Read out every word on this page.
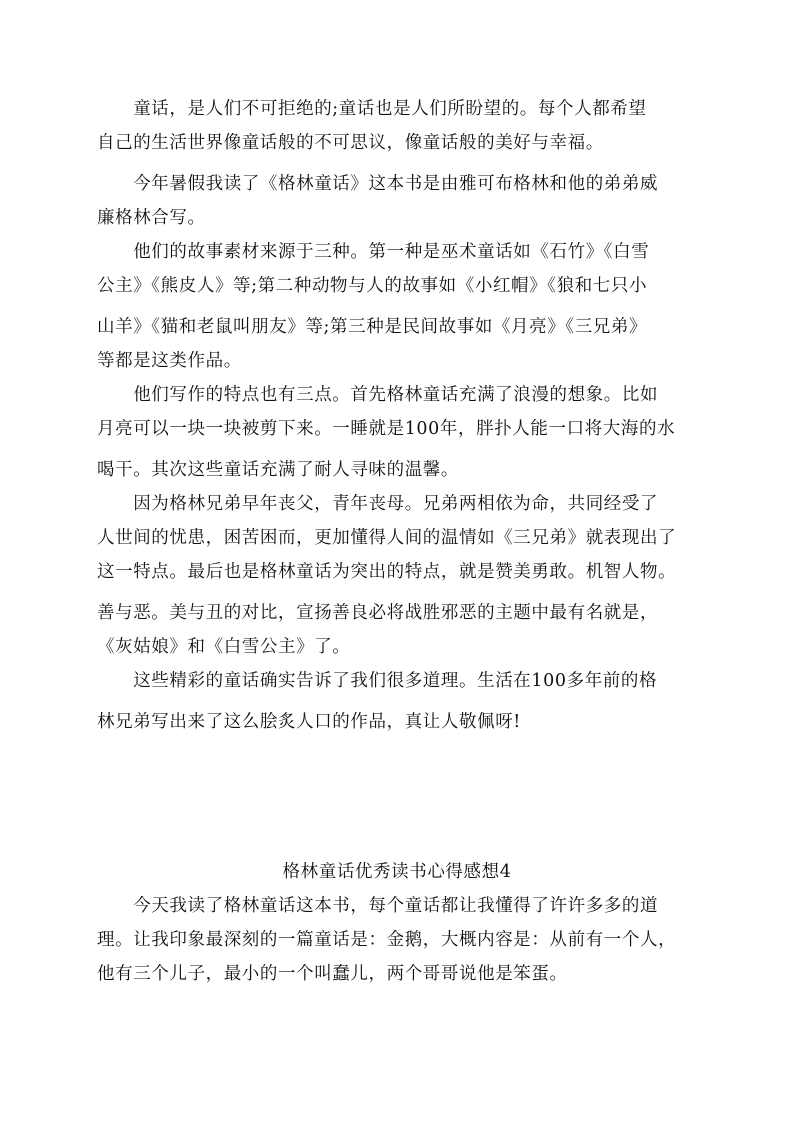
　　童话，是人们不可拒绝的;童话也是人们所盼望的。每个人都希望
自己的生活世界像童话般的不可思议，像童话般的美好与幸福。
　　今年暑假我读了《格林童话》这本书是由雅可布格林和他的弟弟威
廉格林合写。
　　他们的故事素材来源于三种。第一种是巫术童话如《石竹》《白雪
公主》《熊皮人》等;第二种动物与人的故事如《小红帽》《狼和七只小
山羊》《猫和老鼠叫朋友》等;第三种是民间故事如《月亮》《三兄弟》
等都是这类作品。
　　他们写作的特点也有三点。首先格林童话充满了浪漫的想象。比如
月亮可以一块一块被剪下来。一睡就是100年，胖扑人能一口将大海的水
喝干。其次这些童话充满了耐人寻味的温馨。
　　因为格林兄弟早年丧父，青年丧母。兄弟两相依为命，共同经受了
人世间的忧患，困苦困而，更加懂得人间的温情如《三兄弟》就表现出了
这一特点。最后也是格林童话为突出的特点，就是赞美勇敢。机智人物。
善与恶。美与丑的对比，宣扬善良必将战胜邪恶的主题中最有名就是，
《灰姑娘》和《白雪公主》了。
　　这些精彩的童话确实告诉了我们很多道理。生活在100多年前的格
林兄弟写出来了这么脍炙人口的作品，真让人敬佩呀!
格林童话优秀读书心得感想4
　　今天我读了格林童话这本书，每个童话都让我懂得了许许多多的道
理。让我印象最深刻的一篇童话是：金鹅，大概内容是：从前有一个人，
他有三个儿子，最小的一个叫蠢儿，两个哥哥说他是笨蛋。
